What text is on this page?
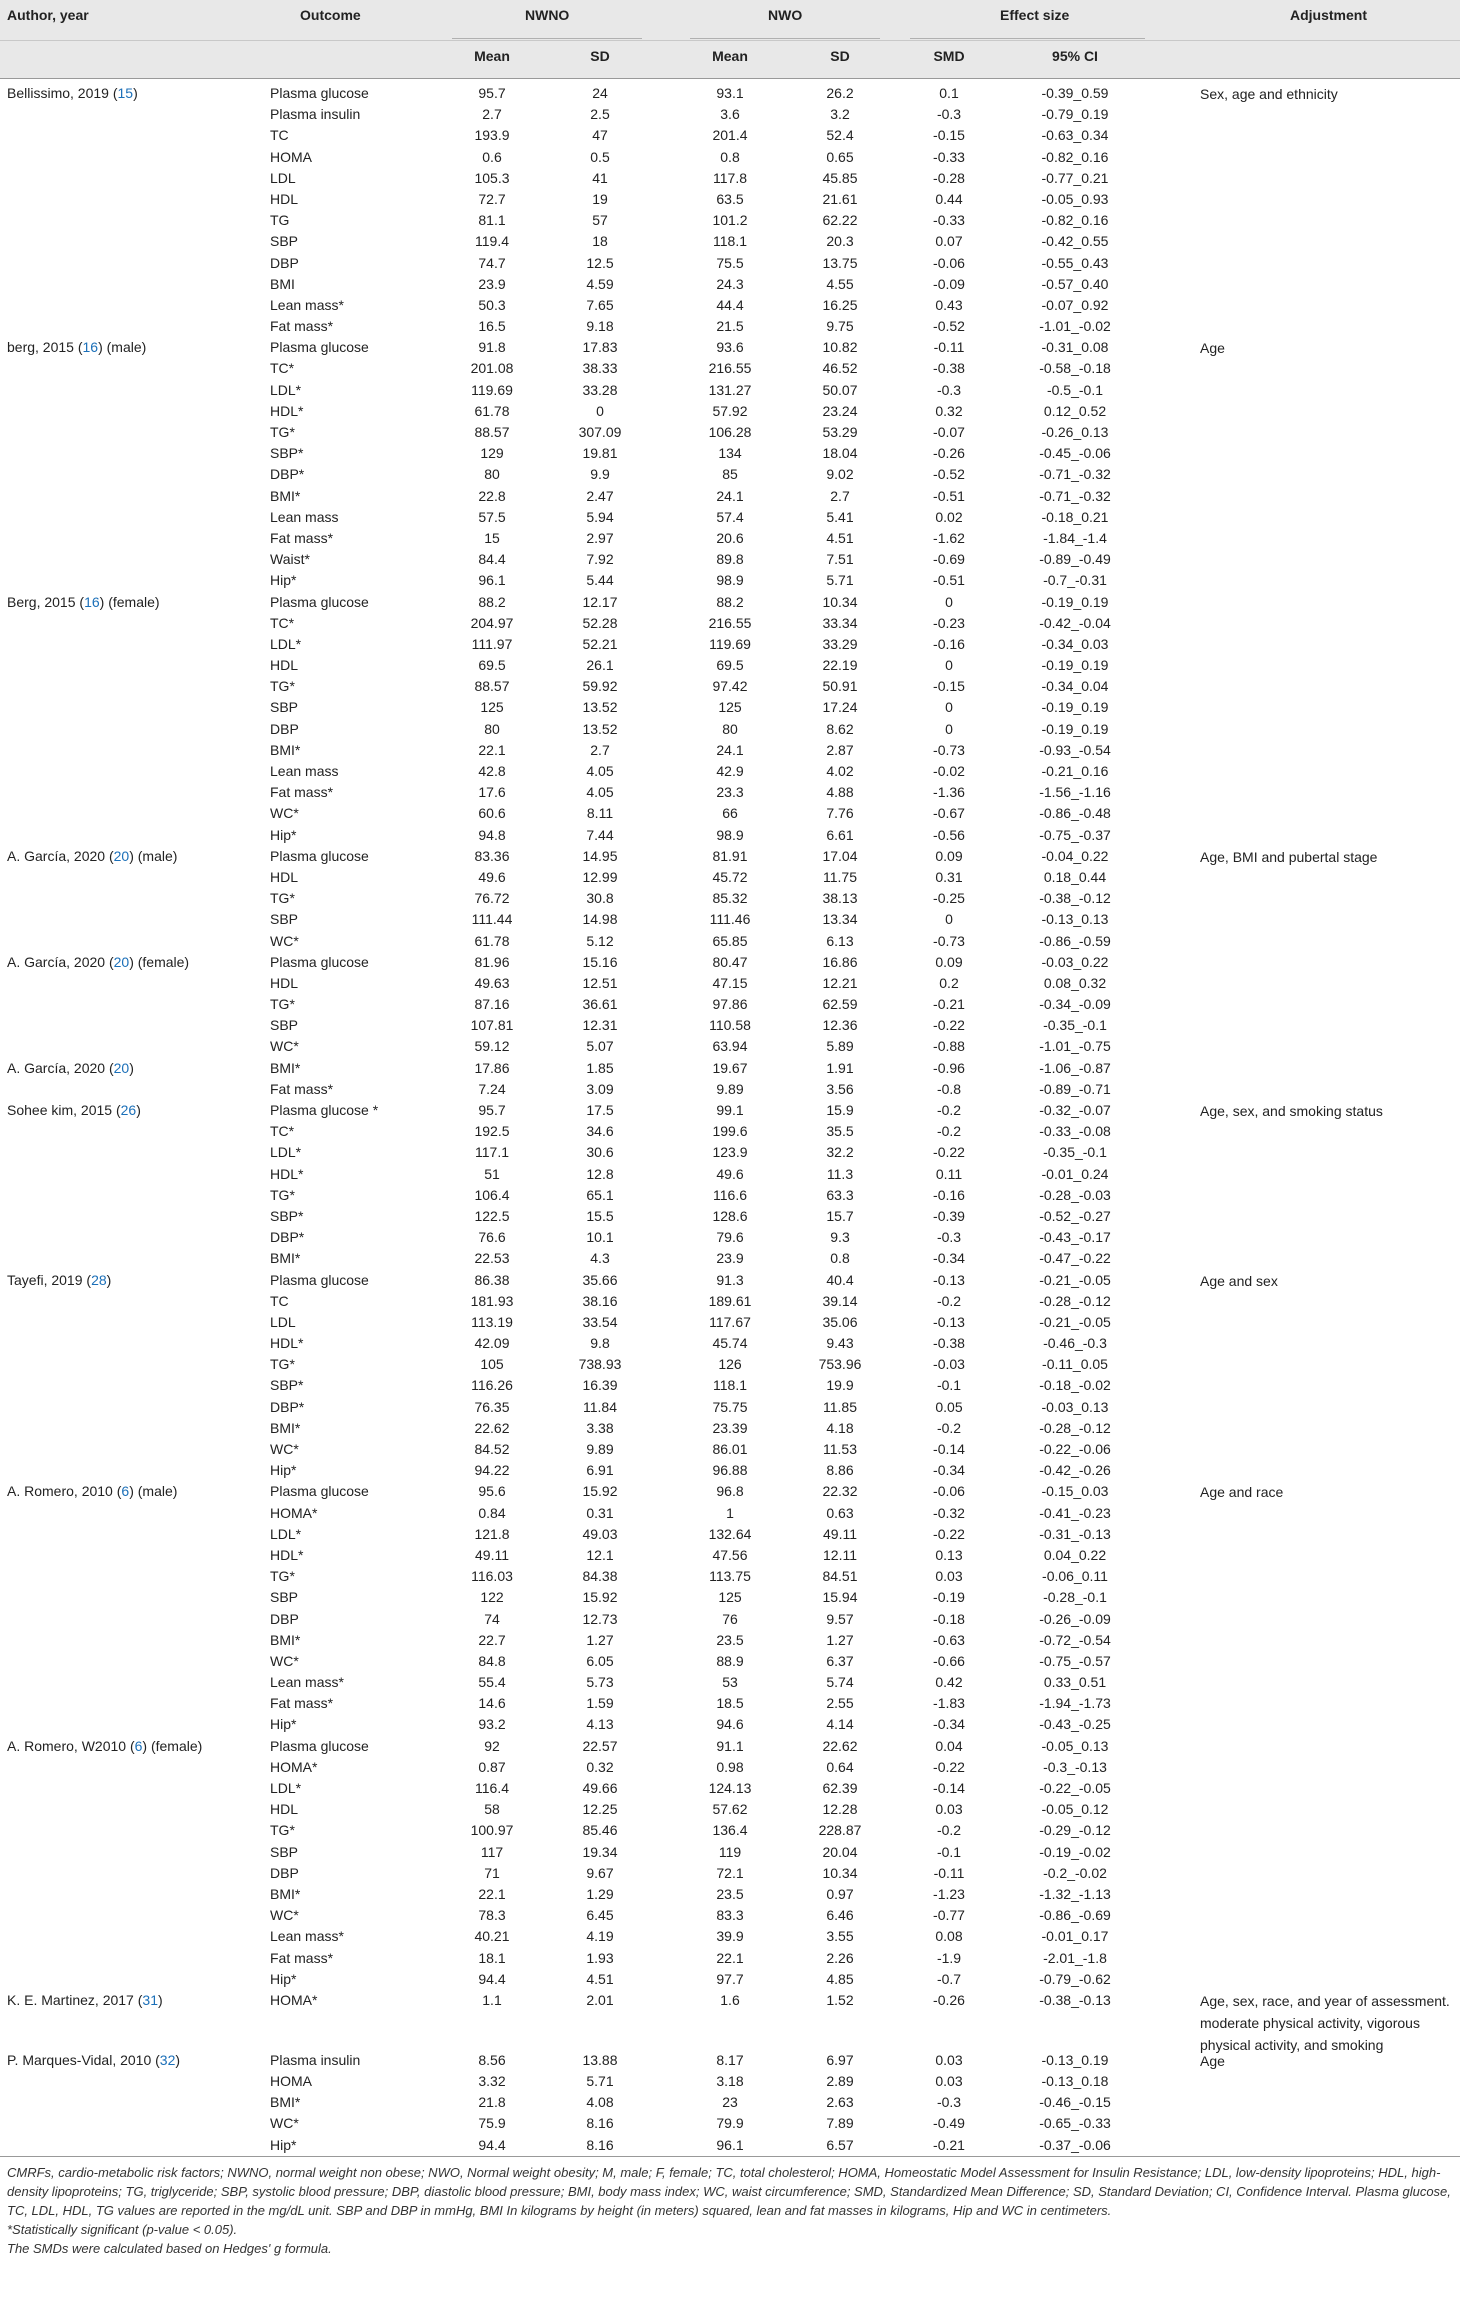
Author, year	Outcome	NWNO	NWO	Effect size	Adjustment
Mean	SD	Mean	SD	SMD	95% CI
Bellissimo, 2019 (15)	Sex, age and ethnicity
Plasma glucose	95.7	24	93.1	26.2	0.1	-0.39_0.59
Plasma insulin	2.7	2.5	3.6	3.2	-0.3	-0.79_0.19
TC	193.9	47	201.4	52.4	-0.15	-0.63_0.34
HOMA	0.6	0.5	0.8	0.65	-0.33	-0.82_0.16
LDL	105.3	41	117.8	45.85	-0.28	-0.77_0.21
HDL	72.7	19	63.5	21.61	0.44	-0.05_0.93
TG	81.1	57	101.2	62.22	-0.33	-0.82_0.16
SBP	119.4	18	118.1	20.3	0.07	-0.42_0.55
DBP	74.7	12.5	75.5	13.75	-0.06	-0.55_0.43
BMI	23.9	4.59	24.3	4.55	-0.09	-0.57_0.40
Lean mass*	50.3	7.65	44.4	16.25	0.43	-0.07_0.92
Fat mass*	16.5	9.18	21.5	9.75	-0.52	-1.01_-0.02
berg, 2015 (16) (male)	Age
Plasma glucose	91.8	17.83	93.6	10.82	-0.11	-0.31_0.08
TC*	201.08	38.33	216.55	46.52	-0.38	-0.58_-0.18
LDL*	119.69	33.28	131.27	50.07	-0.3	-0.5_-0.1
HDL*	61.78	0	57.92	23.24	0.32	0.12_0.52
TG*	88.57	307.09	106.28	53.29	-0.07	-0.26_0.13
SBP*	129	19.81	134	18.04	-0.26	-0.45_-0.06
DBP*	80	9.9	85	9.02	-0.52	-0.71_-0.32
BMI*	22.8	2.47	24.1	2.7	-0.51	-0.71_-0.32
Lean mass	57.5	5.94	57.4	5.41	0.02	-0.18_0.21
Fat mass*	15	2.97	20.6	4.51	-1.62	-1.84_-1.4
Waist*	84.4	7.92	89.8	7.51	-0.69	-0.89_-0.49
Hip*	96.1	5.44	98.9	5.71	-0.51	-0.7_-0.31
Berg, 2015 (16) (female)	Plasma glucose	88.2	12.17	88.2	10.34	0	-0.19_0.19
TC*	204.97	52.28	216.55	33.34	-0.23	-0.42_-0.04
LDL*	111.97	52.21	119.69	33.29	-0.16	-0.34_0.03
HDL	69.5	26.1	69.5	22.19	0	-0.19_0.19
TG*	88.57	59.92	97.42	50.91	-0.15	-0.34_0.04
SBP	125	13.52	125	17.24	0	-0.19_0.19
DBP	80	13.52	80	8.62	0	-0.19_0.19
BMI*	22.1	2.7	24.1	2.87	-0.73	-0.93_-0.54
Lean mass	42.8	4.05	42.9	4.02	-0.02	-0.21_0.16
Fat mass*	17.6	4.05	23.3	4.88	-1.36	-1.56_-1.16
WC*	60.6	8.11	66	7.76	-0.67	-0.86_-0.48
Hip*	94.8	7.44	98.9	6.61	-0.56	-0.75_-0.37
A. García, 2020 (20) (male)	Age, BMI and pubertal stage
Plasma glucose	83.36	14.95	81.91	17.04	0.09	-0.04_0.22
HDL	49.6	12.99	45.72	11.75	0.31	0.18_0.44
TG*	76.72	30.8	85.32	38.13	-0.25	-0.38_-0.12
SBP	111.44	14.98	111.46	13.34	0	-0.13_0.13
WC*	61.78	5.12	65.85	6.13	-0.73	-0.86_-0.59
A. García, 2020 (20) (female)	Plasma glucose	81.96	15.16	80.47	16.86	0.09	-0.03_0.22
HDL	49.63	12.51	47.15	12.21	0.2	0.08_0.32
TG*	87.16	36.61	97.86	62.59	-0.21	-0.34_-0.09
SBP	107.81	12.31	110.58	12.36	-0.22	-0.35_-0.1
WC*	59.12	5.07	63.94	5.89	-0.88	-1.01_-0.75
A. García, 2020 (20)	BMI*	17.86	1.85	19.67	1.91	-0.96	-1.06_-0.87
Fat mass*	7.24	3.09	9.89	3.56	-0.8	-0.89_-0.71
Sohee kim, 2015 (26)	Age, sex, and smoking status
Plasma glucose *	95.7	17.5	99.1	15.9	-0.2	-0.32_-0.07
TC*	192.5	34.6	199.6	35.5	-0.2	-0.33_-0.08
LDL*	117.1	30.6	123.9	32.2	-0.22	-0.35_-0.1
HDL*	51	12.8	49.6	11.3	0.11	-0.01_0.24
TG*	106.4	65.1	116.6	63.3	-0.16	-0.28_-0.03
SBP*	122.5	15.5	128.6	15.7	-0.39	-0.52_-0.27
DBP*	76.6	10.1	79.6	9.3	-0.3	-0.43_-0.17
BMI*	22.53	4.3	23.9	0.8	-0.34	-0.47_-0.22
Tayefi, 2019 (28)	Age and sex
Plasma glucose	86.38	35.66	91.3	40.4	-0.13	-0.21_-0.05
TC	181.93	38.16	189.61	39.14	-0.2	-0.28_-0.12
LDL	113.19	33.54	117.67	35.06	-0.13	-0.21_-0.05
HDL*	42.09	9.8	45.74	9.43	-0.38	-0.46_-0.3
TG*	105	738.93	126	753.96	-0.03	-0.11_0.05
SBP*	116.26	16.39	118.1	19.9	-0.1	-0.18_-0.02
DBP*	76.35	11.84	75.75	11.85	0.05	-0.03_0.13
BMI*	22.62	3.38	23.39	4.18	-0.2	-0.28_-0.12
WC*	84.52	9.89	86.01	11.53	-0.14	-0.22_-0.06
Hip*	94.22	6.91	96.88	8.86	-0.34	-0.42_-0.26
A. Romero, 2010 (6) (male)	Age and race
Plasma glucose	95.6	15.92	96.8	22.32	-0.06	-0.15_0.03
HOMA*	0.84	0.31	1	0.63	-0.32	-0.41_-0.23
LDL*	121.8	49.03	132.64	49.11	-0.22	-0.31_-0.13
HDL*	49.11	12.1	47.56	12.11	0.13	0.04_0.22
TG*	116.03	84.38	113.75	84.51	0.03	-0.06_0.11
SBP	122	15.92	125	15.94	-0.19	-0.28_-0.1
DBP	74	12.73	76	9.57	-0.18	-0.26_-0.09
BMI*	22.7	1.27	23.5	1.27	-0.63	-0.72_-0.54
WC*	84.8	6.05	88.9	6.37	-0.66	-0.75_-0.57
Lean mass*	55.4	5.73	53	5.74	0.42	0.33_0.51
Fat mass*	14.6	1.59	18.5	2.55	-1.83	-1.94_-1.73
Hip*	93.2	4.13	94.6	4.14	-0.34	-0.43_-0.25
A. Romero, W2010 (6) (female)	Plasma glucose	92	22.57	91.1	22.62	0.04	-0.05_0.13
HOMA*	0.87	0.32	0.98	0.64	-0.22	-0.3_-0.13
LDL*	116.4	49.66	124.13	62.39	-0.14	-0.22_-0.05
HDL	58	12.25	57.62	12.28	0.03	-0.05_0.12
TG*	100.97	85.46	136.4	228.87	-0.2	-0.29_-0.12
SBP	117	19.34	119	20.04	-0.1	-0.19_-0.02
DBP	71	9.67	72.1	10.34	-0.11	-0.2_-0.02
BMI*	22.1	1.29	23.5	0.97	-1.23	-1.32_-1.13
WC*	78.3	6.45	83.3	6.46	-0.77	-0.86_-0.69
Lean mass*	40.21	4.19	39.9	3.55	0.08	-0.01_0.17
Fat mass*	18.1	1.93	22.1	2.26	-1.9	-2.01_-1.8
Hip*	94.4	4.51	97.7	4.85	-0.7	-0.79_-0.62
K. E. Martinez, 2017 (31)	Age, sex, race, and year of assessment. moderate physical activity, vigorous physical activity, and smoking
HOMA*	1.1	2.01	1.6	1.52	-0.26	-0.38_-0.13
P. Marques-Vidal, 2010 (32)	Age
Plasma insulin	8.56	13.88	8.17	6.97	0.03	-0.13_0.19
HOMA	3.32	5.71	3.18	2.89	0.03	-0.13_0.18
BMI*	21.8	4.08	23	2.63	-0.3	-0.46_-0.15
WC*	75.9	8.16	79.9	7.89	-0.49	-0.65_-0.33
Hip*	94.4	8.16	96.1	6.57	-0.21	-0.37_-0.06

CMRFs, cardio-metabolic risk factors; NWNO, normal weight non obese; NWO, Normal weight obesity; M, male; F, female; TC, total cholesterol; HOMA, Homeostatic Model Assessment for Insulin Resistance; LDL, low-density lipoproteins; HDL, high-density lipoproteins; TG, triglyceride; SBP, systolic blood pressure; DBP, diastolic blood pressure; BMI, body mass index; WC, waist circumference; SMD, Standardized Mean Difference; SD, Standard Deviation; CI, Confidence Interval. Plasma glucose, TC, LDL, HDL, TG values are reported in the mg/dL unit. SBP and DBP in mmHg, BMI In kilograms by height (in meters) squared, lean and fat masses in kilograms, Hip and WC in centimeters.

*Statistically significant (p-value < 0.05).

The SMDs were calculated based on Hedges' g formula.
